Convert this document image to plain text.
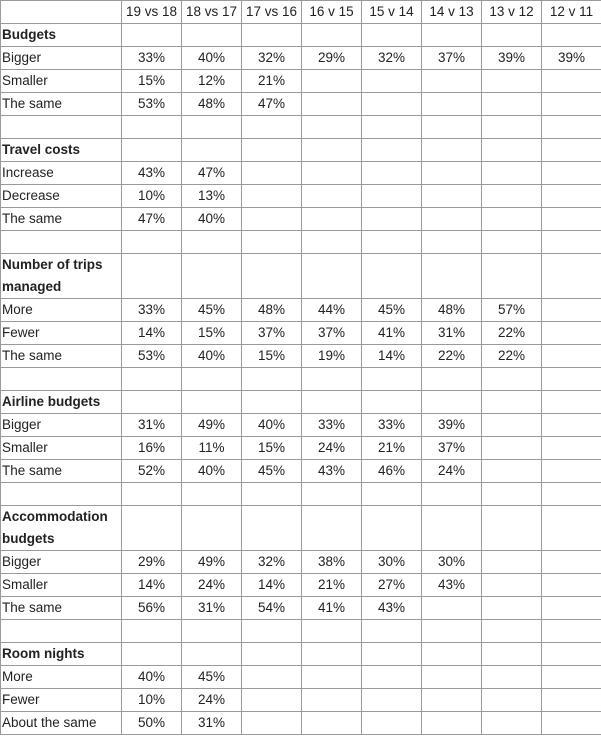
	19 vs 18	18 vs 17	17 vs 16	16 v 15	15 v 14	14 v 13	13 v 12	12 v 11
Budgets								
Bigger	33%	40%	32%	29%	32%	37%	39%	39%
Smaller	15%	12%	21%					
The same	53%	48%	47%					

Travel costs								
Increase	43%	47%						
Decrease	10%	13%						
The same	47%	40%						

Number of trips managed								
More	33%	45%	48%	44%	45%	48%	57%	
Fewer	14%	15%	37%	37%	41%	31%	22%	
The same	53%	40%	15%	19%	14%	22%	22%	

Airline budgets								
Bigger	31%	49%	40%	33%	33%	39%		
Smaller	16%	11%	15%	24%	21%	37%		
The same	52%	40%	45%	43%	46%	24%		

Accommodation budgets								
Bigger	29%	49%	32%	38%	30%	30%		
Smaller	14%	24%	14%	21%	27%	43%		
The same	56%	31%	54%	41%	43%			

Room nights								
More	40%	45%						
Fewer	10%	24%						
About the same	50%	31%						
